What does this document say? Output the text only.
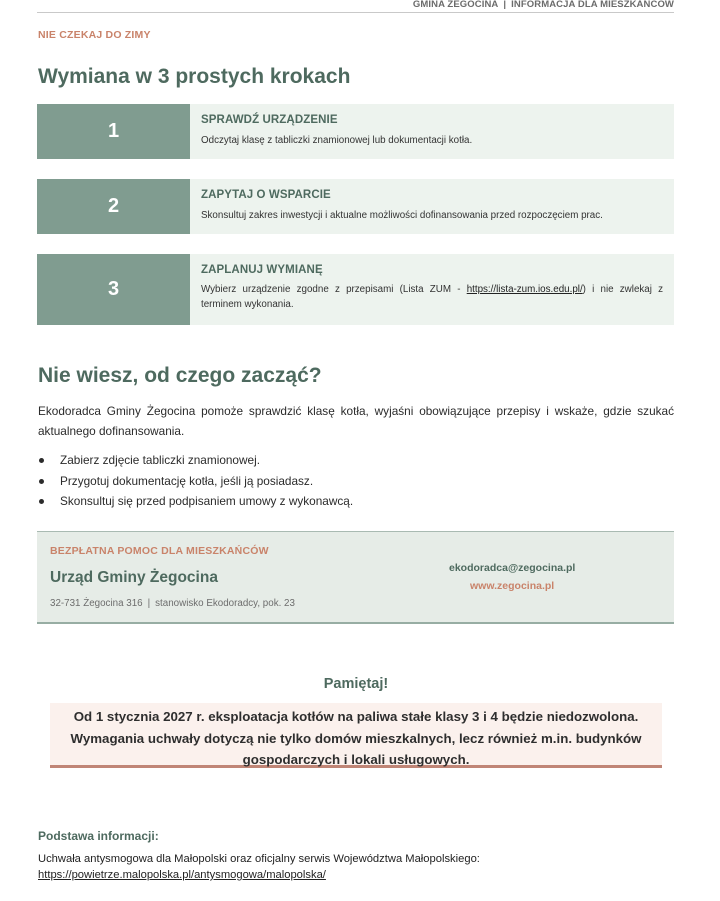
GMINA ŻEGOCINA | INFORMACJA DLA MIESZKAŃCÓW
NIE CZEKAJ DO ZIMY
Wymiana w 3 prostych krokach
1	SPRAWDŹ URZĄDZENIE
Odczytaj klasę z tabliczki znamionowej lub dokumentacji kotła.
2	ZAPYTAJ O WSPARCIE
Skonsultuj zakres inwestycji i aktualne możliwości dofinansowania przed rozpoczęciem prac.
3
ZAPLANUJ WYMIANĘ
Wybierz urządzenie zgodne z przepisami (Lista ZUM - https://lista-zum.ios.edu.pl/) i nie zwlekaj z terminem wykonania.
Nie wiesz, od czego zacząć?

Ekodoradca Gminy Żegocina pomoże sprawdzić klasę kotła, wyjaśni obowiązujące przepisy i wskaże, gdzie szukać aktualnego dofinansowania.

Zabierz zdjęcie tabliczki znamionowej.
Przygotuj dokumentację kotła, jeśli ją posiadasz.
Skonsultuj się przed podpisaniem umowy z wykonawcą.
BEZPŁATNA POMOC DLA MIESZKAŃCÓW
Urząd Gminy Żegocina
32-731 Żegocina 316 | stanowisko Ekodoradcy, pok. 23
ekodoradca@zegocina.pl
www.zegocina.pl
Pamiętaj!
Od 1 stycznia 2027 r. eksploatacja kotłów na paliwa stałe klasy 3 i 4 będzie niedozwolona. Wymagania uchwały dotyczą nie tylko domów mieszkalnych, lecz również m.in. budynków gospodarczych i lokali usługowych.
Podstawa informacji:
Uchwała antysmogowa dla Małopolski oraz oficjalny serwis Województwa Małopolskiego:
https://powietrze.malopolska.pl/antysmogowa/malopolska/
